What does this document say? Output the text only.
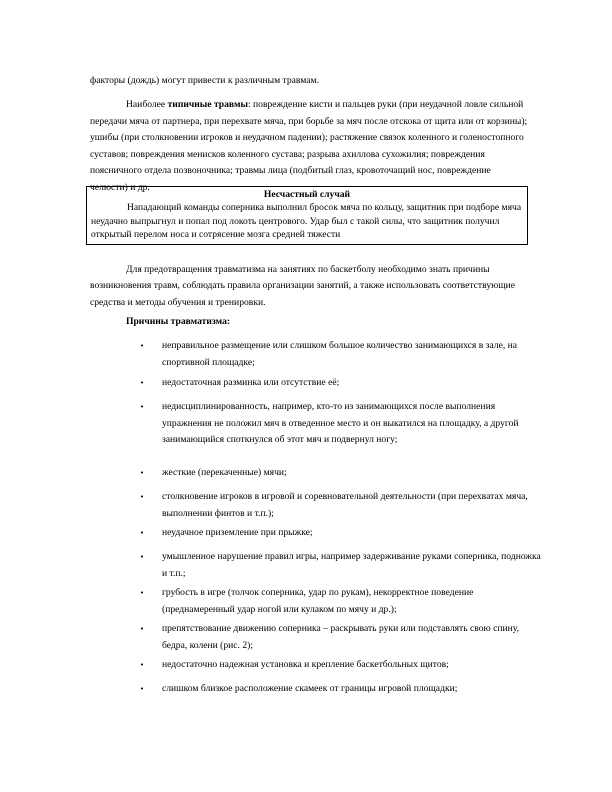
факторы (дождь) могут привести к различным травмам.

Наиболее типичные травмы: повреждение кисти и пальцев руки (при неудачной ловле сильной передачи мяча от партнера, при перехвате мяча, при борьбе за мяч после отскока от щита или от корзины); ушибы (при столкновении игроков и неудачном падении); растяжение связок коленного и голеностопного суставов; повреждения менисков коленного сустава; разрыва ахиллова сухожилия; повреждения поясничного отдела позвоночника; травмы лица (подбитый глаз, кровоточащий нос, повреждение челюсти) и др.

Несчастный случай

Нападающий команды соперника выполнил бросок мяча по кольцу, защитник при подборе мяча неудачно выпрыгнул и попал под локоть центрового. Удар был с такой силы, что защитник получил открытый перелом носа и сотрясение мозга средней тяжести

Для предотвращения травматизма на занятиях по баскетболу необходимо знать причины возникновения травм, соблюдать правила организации занятий, а также использовать соответствующие средства и методы обучения и тренировки.

Причины травматизма:

• неправильное размещение или слишком большое количество занимающихся в зале, на спортивной площадке;

• недостаточная разминка или отсутствие её;

• недисциплинированность, например, кто-то из занимающихся после выполнения упражнения не положил мяч в отведенное место и он выкатился на площадку, а другой занимающийся споткнулся об этот мяч и подвернул ногу;

• жесткие (перекаченные) мячи;

• столкновение игроков в игровой и соревновательной деятельности (при перехватах мяча, выполнении финтов и т.п.);

• неудачное приземление при прыжке;

• умышленное нарушение правил игры, например задерживание руками соперника, подножка и т.п.;

• грубость в игре (толчок соперника, удар по рукам), некорректное поведение (преднамеренный удар ногой или кулаком по мячу и др.);

• препятствование движению соперника – раскрывать руки или подставлять свою спину, бедра, колени (рис. 2);

• недостаточно надежная установка и крепление баскетбольных щитов;

• слишком близкое расположение скамеек от границы игровой площадки;
